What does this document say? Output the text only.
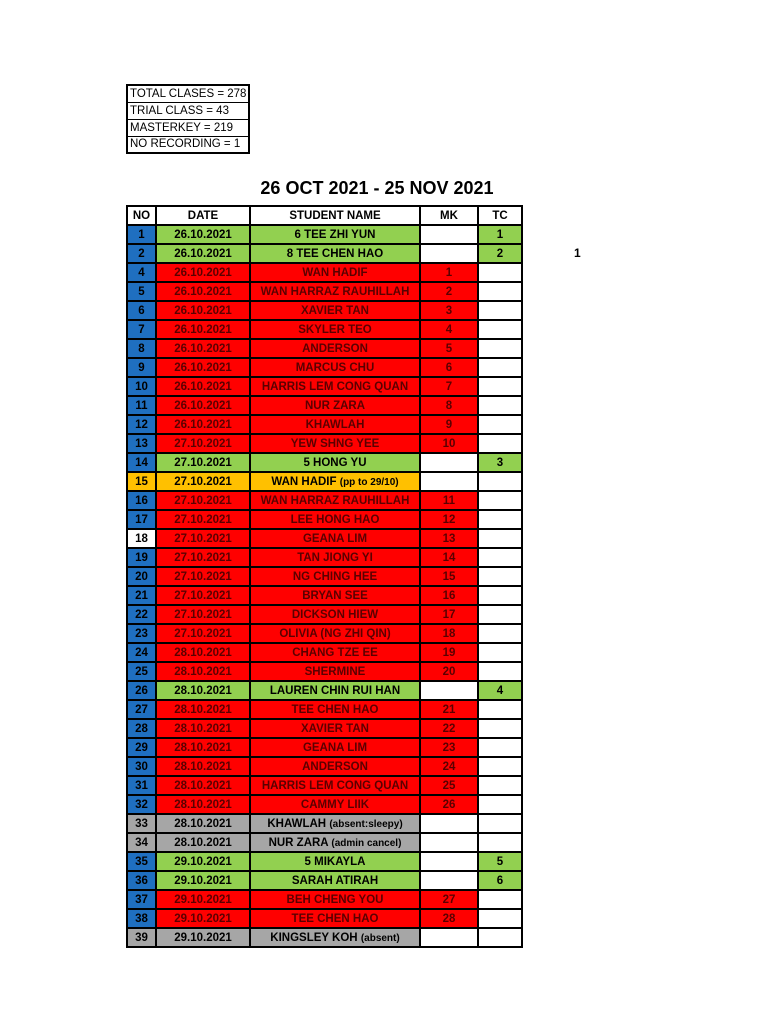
TOTAL CLASES = 278
TRIAL CLASS = 43
MASTERKEY = 219
NO RECORDING = 1
26 OCT 2021 - 25 NOV 2021
1
NO	DATE	STUDENT NAME	MK	TC
1	26.10.2021	6 TEE ZHI YUN		1
2	26.10.2021	8 TEE CHEN HAO		2
4	26.10.2021	WAN HADIF	1	
5	26.10.2021	WAN HARRAZ RAUHILLAH	2	
6	26.10.2021	XAVIER TAN	3	
7	26.10.2021	SKYLER TEO	4	
8	26.10.2021	ANDERSON	5	
9	26.10.2021	MARCUS CHU	6	
10	26.10.2021	HARRIS LEM CONG QUAN	7	
11	26.10.2021	NUR ZARA	8	
12	26.10.2021	KHAWLAH	9	
13	27.10.2021	YEW SHNG YEE	10	
14	27.10.2021	5 HONG YU		3
15	27.10.2021	WAN HADIF (pp to 29/10)		
16	27.10.2021	WAN HARRAZ RAUHILLAH	11	
17	27.10.2021	LEE HONG HAO	12	
18	27.10.2021	GEANA LIM	13	
19	27.10.2021	TAN JIONG YI	14	
20	27.10.2021	NG CHING HEE	15	
21	27.10.2021	BRYAN SEE	16	
22	27.10.2021	DICKSON HIEW	17	
23	27.10.2021	OLIVIA (NG ZHI QIN)	18	
24	28.10.2021	CHANG TZE EE	19	
25	28.10.2021	SHERMINE	20	
26	28.10.2021	LAUREN CHIN RUI HAN		4
27	28.10.2021	TEE CHEN HAO	21	
28	28.10.2021	XAVIER TAN	22	
29	28.10.2021	GEANA LIM	23	
30	28.10.2021	ANDERSON	24	
31	28.10.2021	HARRIS LEM CONG QUAN	25	
32	28.10.2021	CAMMY LIIK	26	
33	28.10.2021	KHAWLAH (absent:sleepy)		
34	28.10.2021	NUR ZARA (admin cancel)		
35	29.10.2021	5 MIKAYLA		5
36	29.10.2021	SARAH ATIRAH		6
37	29.10.2021	BEH CHENG YOU	27	
38	29.10.2021	TEE CHEN HAO	28	
39	29.10.2021	KINGSLEY KOH (absent)		
